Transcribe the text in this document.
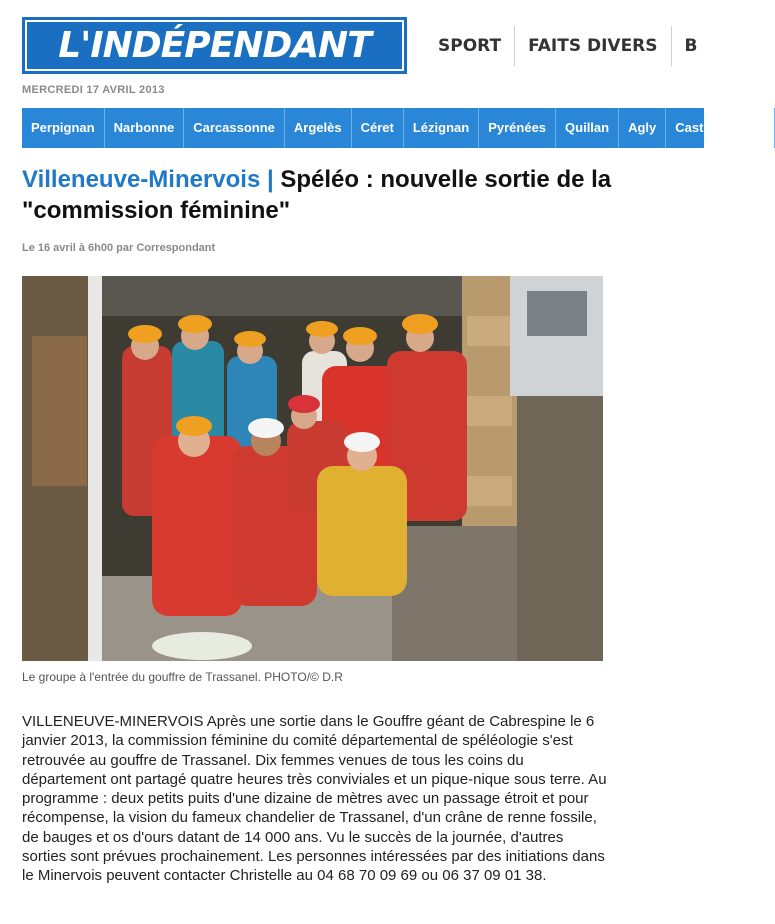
L'INDÉPENDANT	SPORT	FAITS DIVERS	B
MERCREDI 17 AVRIL 2013
Perpignan	Narbonne	Carcassonne	Argelès	Céret	Lézignan	Pyrénées	Quillan	Agly	Castelnaudary
Villeneuve-Minervois | Spéléo : nouvelle sortie de la "commission féminine"
Le 16 avril à 6h00 par Correspondant
Le groupe à l'entrée du gouffre de Trassanel. PHOTO/© D.R

VILLENEUVE-MINERVOIS Après une sortie dans le Gouffre géant de Cabrespine le 6 janvier 2013, la commission féminine du comité départemental de spéléologie s'est retrouvée au gouffre de Trassanel. Dix femmes venues de tous les coins du département ont partagé quatre heures très conviviales et un pique-nique sous terre. Au programme : deux petits puits d'une dizaine de mètres avec un passage étroit et pour récompense, la vision du fameux chandelier de Trassanel, d'un crâne de renne fossile, de bauges et os d'ours datant de 14 000 ans. Vu le succès de la journée, d'autres sorties sont prévues prochainement. Les personnes intéressées par des initiations dans le Minervois peuvent contacter Christelle au 04 68 70 09 69 ou 06 37 09 01 38.
